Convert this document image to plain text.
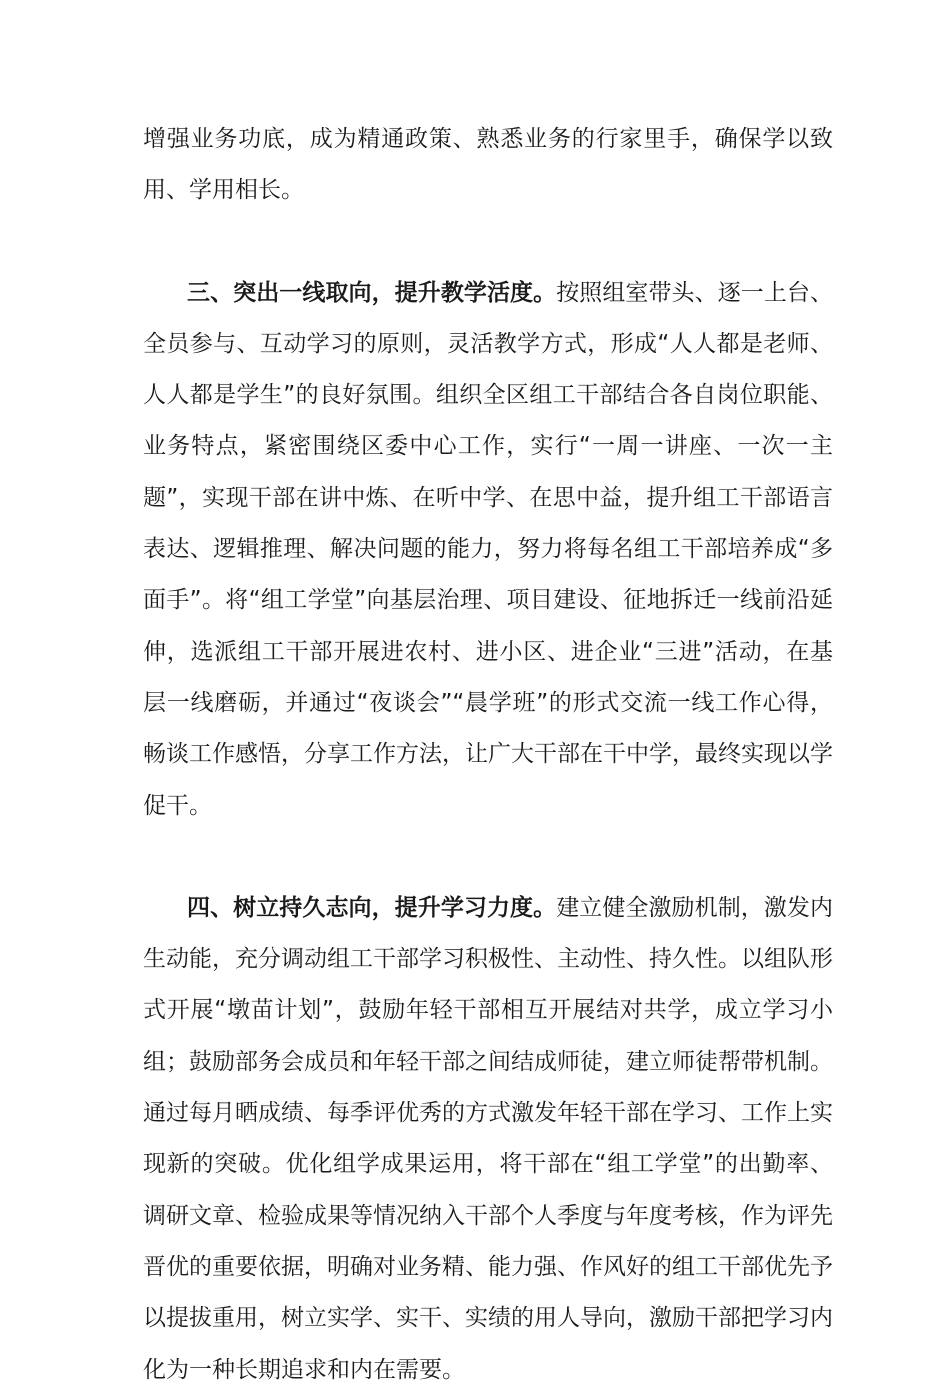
增强业务功底，成为精通政策、熟悉业务的行家里手，确保学以致用、学用相长。

三、突出一线取向，提升教学活度。按照组室带头、逐一上台、全员参与、互动学习的原则，灵活教学方式，形成“人人都是老师、人人都是学生”的良好氛围。组织全区组工干部结合各自岗位职能、业务特点，紧密围绕区委中心工作，实行“一周一讲座、一次一主题”，实现干部在讲中炼、在听中学、在思中益，提升组工干部语言表达、逻辑推理、解决问题的能力，努力将每名组工干部培养成“多面手”。将“组工学堂”向基层治理、项目建设、征地拆迁一线前沿延伸，选派组工干部开展进农村、进小区、进企业“三进”活动，在基层一线磨砺，并通过“夜谈会”“晨学班”的形式交流一线工作心得，畅谈工作感悟，分享工作方法，让广大干部在干中学，最终实现以学促干。

四、树立持久志向，提升学习力度。建立健全激励机制，激发内生动能，充分调动组工干部学习积极性、主动性、持久性。以组队形式开展“墩苗计划”，鼓励年轻干部相互开展结对共学，成立学习小组；鼓励部务会成员和年轻干部之间结成师徒，建立师徒帮带机制。通过每月晒成绩、每季评优秀的方式激发年轻干部在学习、工作上实现新的突破。优化组学成果运用，将干部在“组工学堂”的出勤率、调研文章、检验成果等情况纳入干部个人季度与年度考核，作为评先晋优的重要依据，明确对业务精、能力强、作风好的组工干部优先予以提拔重用，树立实学、实干、实绩的用人导向，激励干部把学习内化为一种长期追求和内在需要。
